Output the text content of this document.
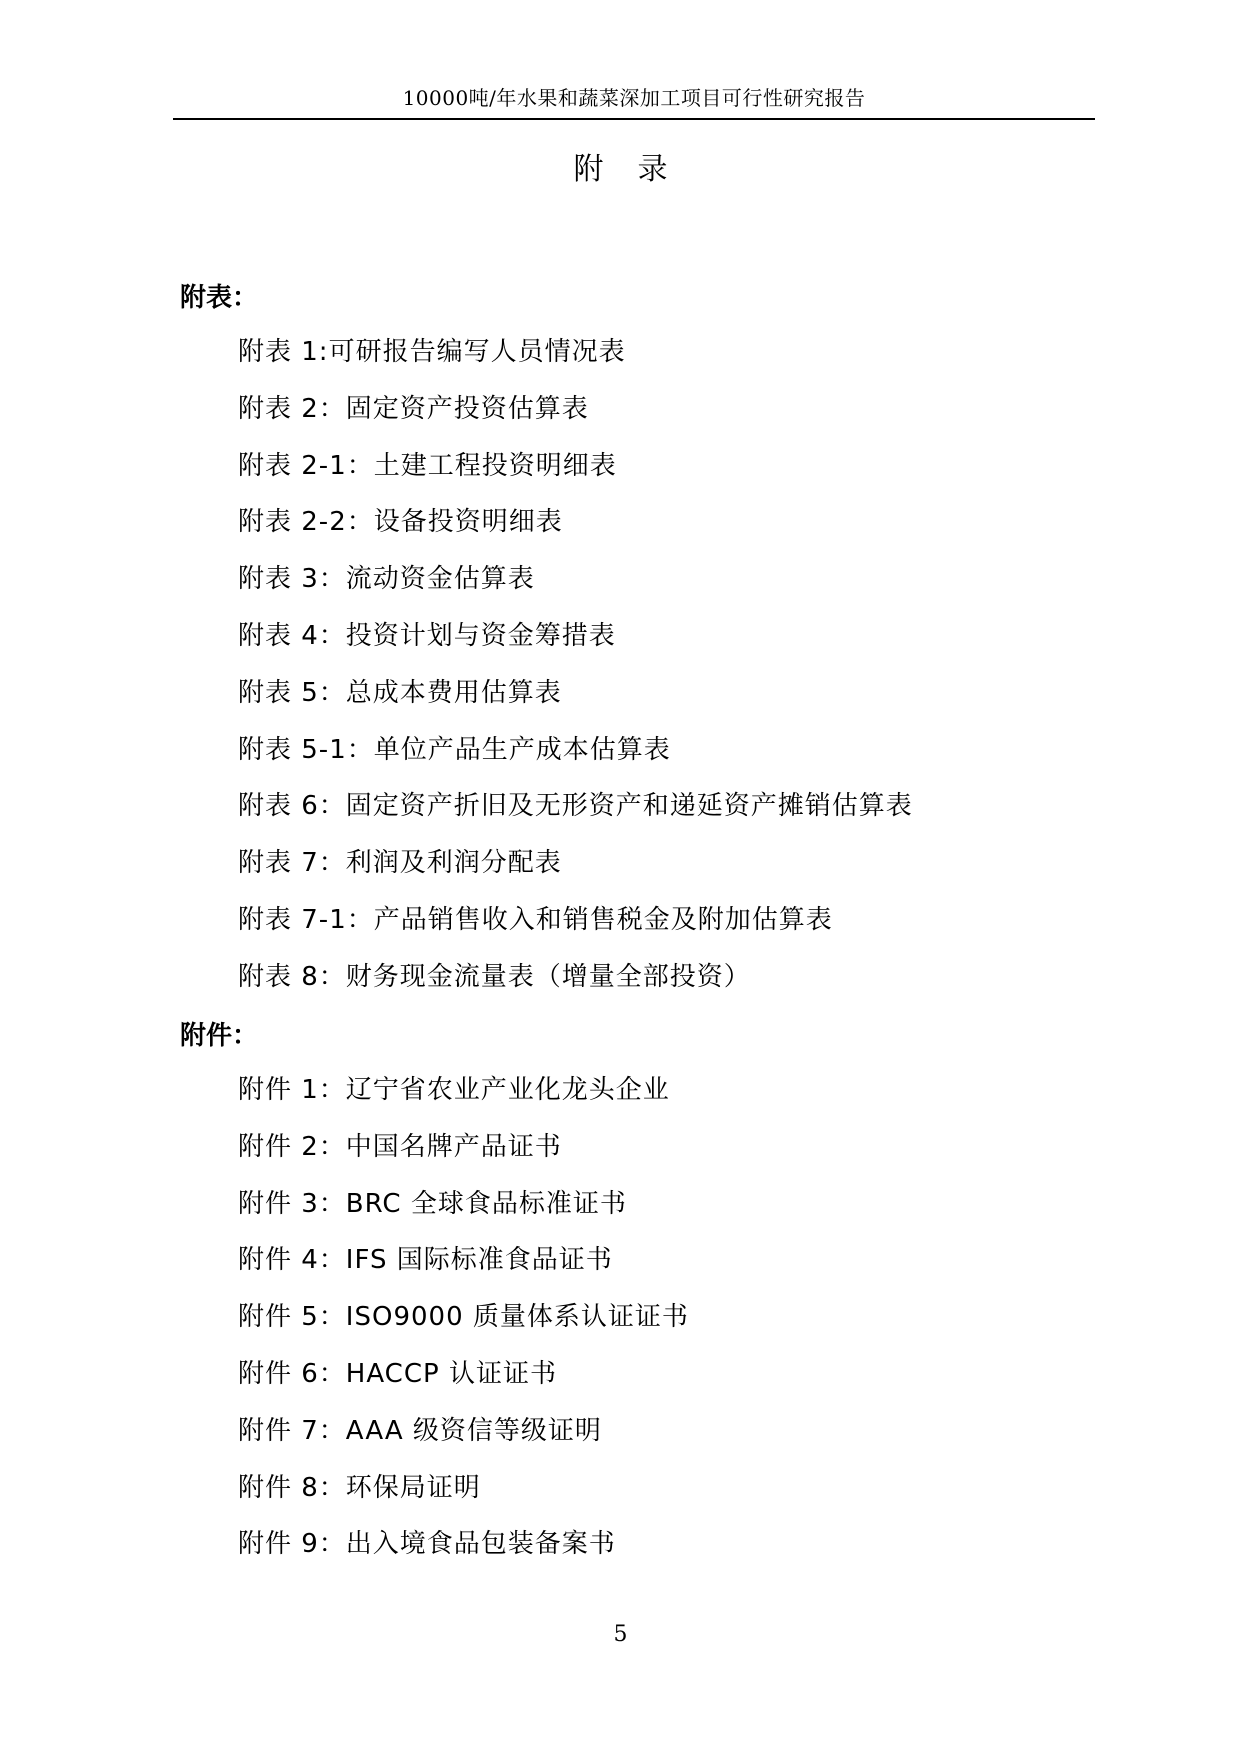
10000吨/年水果和蔬菜深加工项目可行性研究报告
附录
附表：
附表 1:可研报告编写人员情况表
附表 2：固定资产投资估算表
附表 2-1：土建工程投资明细表
附表 2-2：设备投资明细表
附表 3：流动资金估算表
附表 4：投资计划与资金筹措表
附表 5：总成本费用估算表
附表 5-1：单位产品生产成本估算表
附表 6：固定资产折旧及无形资产和递延资产摊销估算表
附表 7：利润及利润分配表
附表 7-1：产品销售收入和销售税金及附加估算表
附表 8：财务现金流量表（增量全部投资）
附件：
附件 1：辽宁省农业产业化龙头企业
附件 2：中国名牌产品证书
附件 3：BRC 全球食品标准证书
附件 4：IFS 国际标准食品证书
附件 5：ISO9000 质量体系认证证书
附件 6：HACCP 认证证书
附件 7：AAA 级资信等级证明
附件 8：环保局证明
附件 9：出入境食品包装备案书
5
